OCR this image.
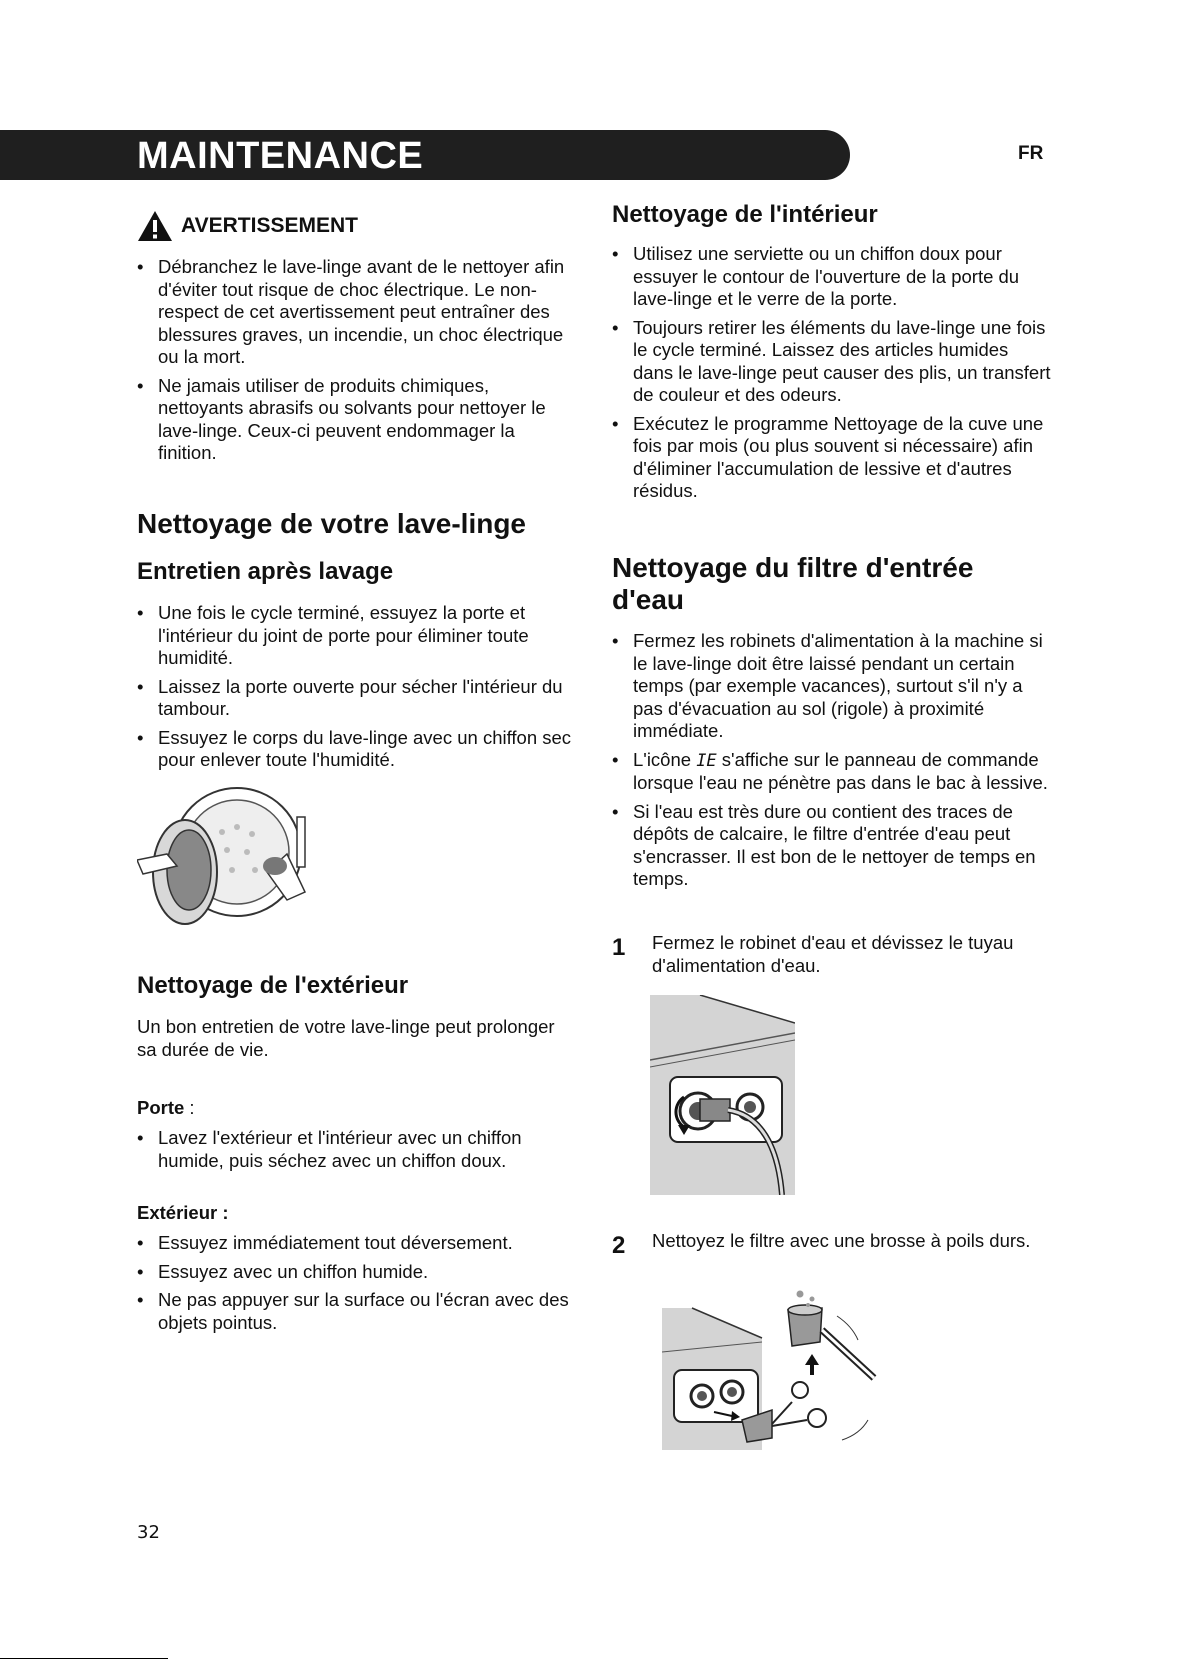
MAINTENANCE	FR
AVERTISSEMENT
• Débranchez le lave-linge avant de le nettoyer afin d'éviter tout risque de choc électrique. Le non-respect de cet avertissement peut entraîner des blessures graves, un incendie, un choc électrique ou la mort.
• Ne jamais utiliser de produits chimiques, nettoyants abrasifs ou solvants pour nettoyer le lave-linge. Ceux-ci peuvent endommager la finition.
Nettoyage de votre lave-linge
Entretien après lavage
• Une fois le cycle terminé, essuyez la porte et l'intérieur du joint de porte pour éliminer toute humidité.
• Laissez la porte ouverte pour sécher l'intérieur du tambour.
• Essuyez le corps du lave-linge avec un chiffon sec pour enlever toute l'humidité.
Nettoyage de l'extérieur

Un bon entretien de votre lave-linge peut prolonger sa durée de vie.

Porte :
• Lavez l'extérieur et l'intérieur avec un chiffon humide, puis séchez avec un chiffon doux.
Extérieur :
• Essuyez immédiatement tout déversement.
• Essuyez avec un chiffon humide.
• Ne pas appuyer sur la surface ou l'écran avec des objets pointus.
Nettoyage de l'intérieur
• Utilisez une serviette ou un chiffon doux pour essuyer le contour de l'ouverture de la porte du lave-linge et le verre de la porte.
• Toujours retirer les éléments du lave-linge une fois le cycle terminé. Laissez des articles humides dans le lave-linge peut causer des plis, un transfert de couleur et des odeurs.
• Exécutez le programme Nettoyage de la cuve une fois par mois (ou plus souvent si nécessaire) afin d'éliminer l'accumulation de lessive et d'autres résidus.
Nettoyage du filtre d'entrée
d'eau
• Fermez les robinets d'alimentation à la machine si le lave-linge doit être laissé pendant un certain temps (par exemple vacances), surtout s'il n'y a pas d'évacuation au sol (rigole) à proximité immédiate.
• L'icône IE s'affiche sur le panneau de commande lorsque l'eau ne pénètre pas dans le bac à lessive.
• Si l'eau est très dure ou contient des traces de dépôts de calcaire, le filtre d'entrée d'eau peut s'encrasser. Il est bon de le nettoyer de temps en temps.
1 Fermez le robinet d'eau et dévissez le tuyau d'alimentation d'eau.
2 Nettoyez le filtre avec une brosse à poils durs.
32
